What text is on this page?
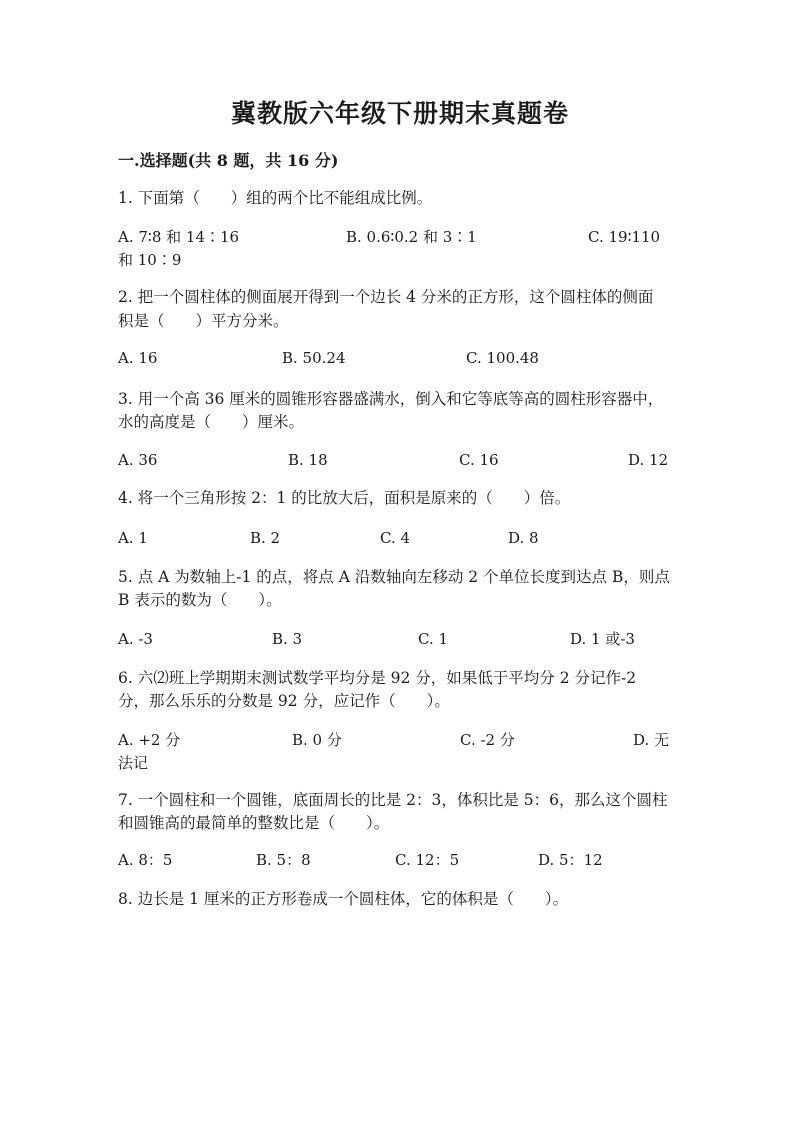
冀教版六年级下册期末真题卷
一.选择题(共 8 题，共 16 分)
1. 下面第（　　）组的两个比不能组成比例。
A. 7∶8 和 14∶16	B. 0.6∶0.2 和 3∶1	C. 19∶110
和 10∶9
2. 把一个圆柱体的侧面展开得到一个边长 4 分米的正方形，这个圆柱体的侧面
积是（　　）平方分米。
A. 16	B. 50.24	C. 100.48
3. 用一个高 36 厘米的圆锥形容器盛满水，倒入和它等底等高的圆柱形容器中，
水的高度是（　　）厘米。
A. 36	B. 18	C. 16	D. 12
4. 将一个三角形按 2：1 的比放大后，面积是原来的（　　）倍。
A. 1	B. 2	C. 4	D. 8
5. 点 A 为数轴上-1 的点，将点 A 沿数轴向左移动 2 个单位长度到达点 B，则点
B 表示的数为（　　）。
A. -3	B. 3	C. 1	D. 1 或-3
6. 六⑵班上学期期末测试数学平均分是 92 分，如果低于平均分 2 分记作-2
分，那么乐乐的分数是 92 分，应记作（　　）。
A. +2 分	B. 0 分	C. -2 分	D. 无
法记
7. 一个圆柱和一个圆锥，底面周长的比是 2：3，体积比是 5：6，那么这个圆柱
和圆锥高的最简单的整数比是（　　）。
A. 8：5	B. 5：8	C. 12：5	D. 5：12
8. 边长是 1 厘米的正方形卷成一个圆柱体，它的体积是（　　）。
